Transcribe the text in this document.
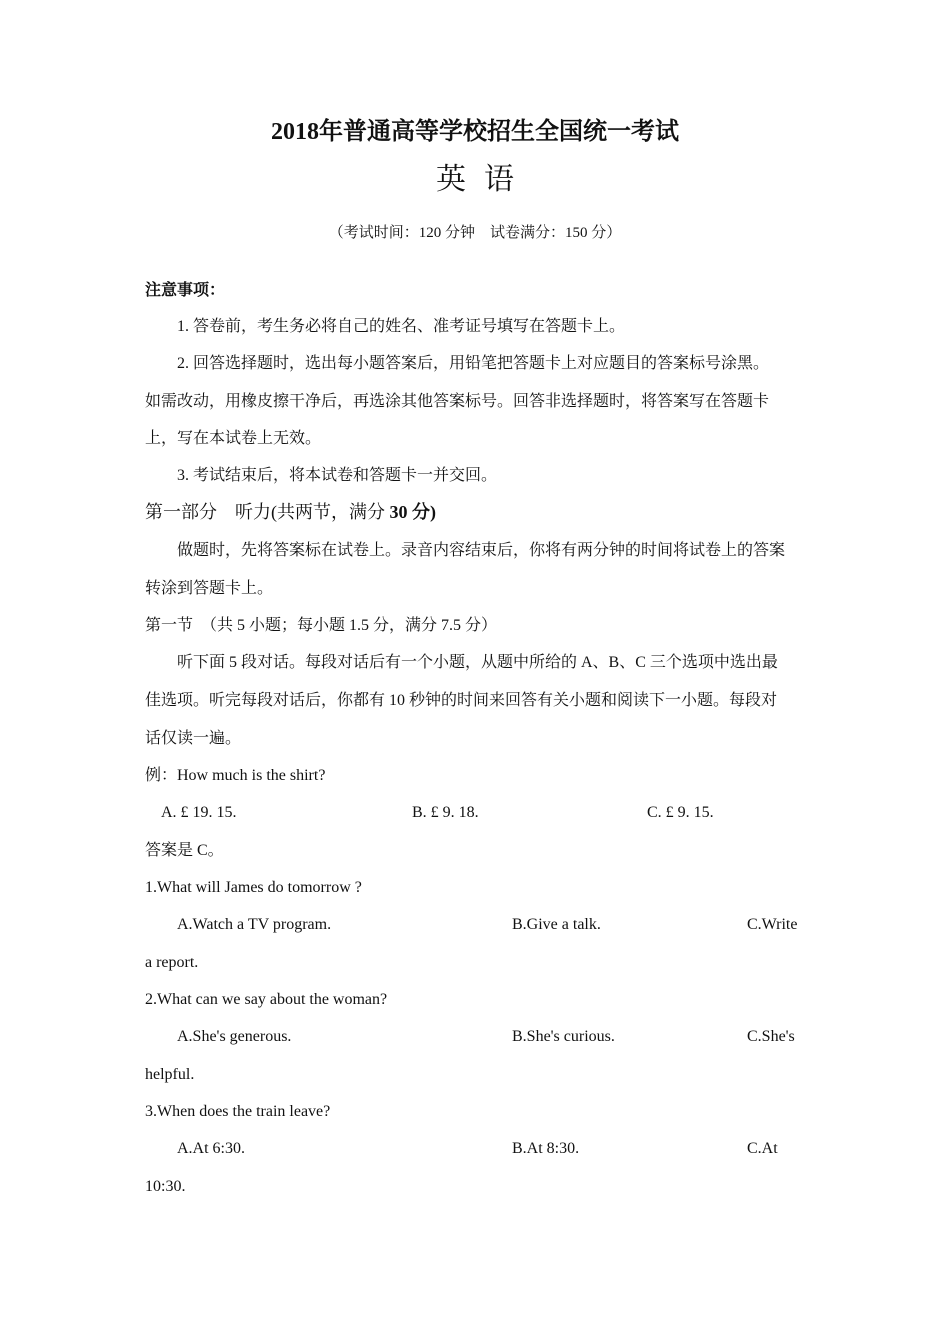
2018年普通高等学校招生全国统一考试
英语
（考试时间：120 分钟　试卷满分：150 分）
注意事项：
1. 答卷前，考生务必将自己的姓名、准考证号填写在答题卡上。
2. 回答选择题时，选出每小题答案后，用铅笔把答题卡上对应题目的答案标号涂黑。
如需改动，用橡皮擦干净后，再选涂其他答案标号。回答非选择题时，将答案写在答题卡
上，写在本试卷上无效。
3. 考试结束后，将本试卷和答题卡一并交回。
第一部分　听力(共两节，满分 30 分)
做题时，先将答案标在试卷上。录音内容结束后，你将有两分钟的时间将试卷上的答案
转涂到答题卡上。
第一节　（共 5 小题；每小题 1.5 分，满分 7.5 分）
听下面 5 段对话。每段对话后有一个小题，从题中所给的 A、B、C 三个选项中选出最
佳选项。听完每段对话后，你都有 10 秒钟的时间来回答有关小题和阅读下一小题。每段对
话仅读一遍。
例：How much is the shirt?
A. £ 19. 15.	B. £ 9. 18.	C. £ 9. 15.
答案是 C。
1.What will James do tomorrow ?
A.Watch a TV program.	B.Give a talk.	C.Write
a report.
2.What can we say about the woman?
A.She's generous.	B.She's curious.	C.She's
helpful.
3.When does the train leave?
A.At 6:30.	B.At 8:30.	C.At
10:30.
